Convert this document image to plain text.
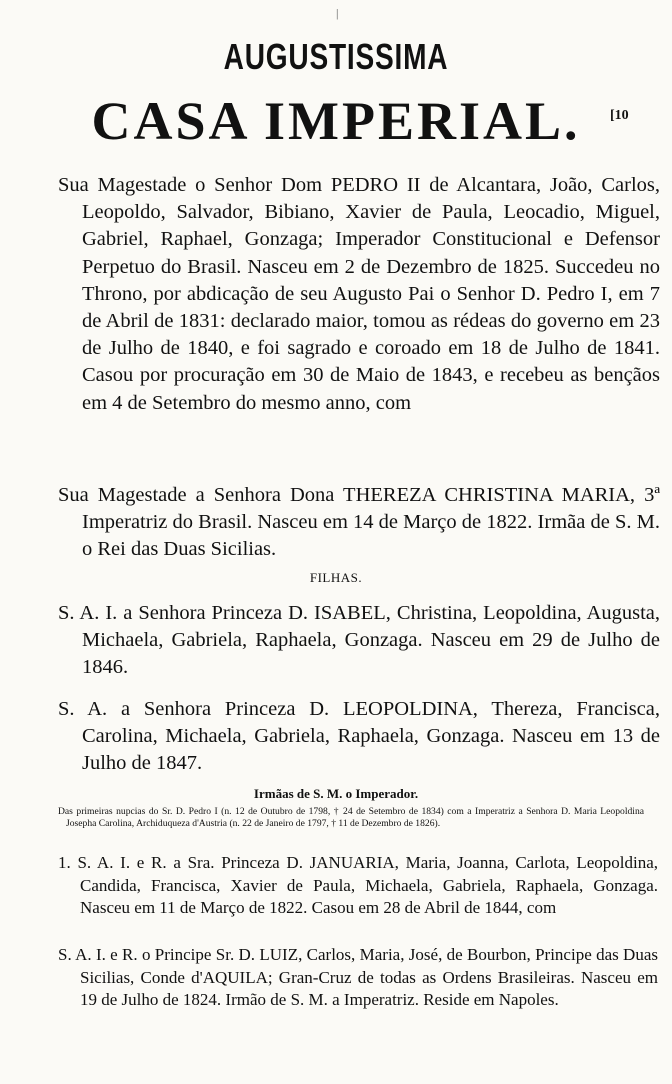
|
AUGUSTISSIMA
CASA IMPERIAL.	[10
Sua Magestade o Senhor Dom PEDRO II de Alcantara, João, Carlos, Leopoldo, Salvador, Bibiano, Xavier de Paula, Leocadio, Miguel, Gabriel, Raphael, Gonzaga; Imperador Constitucional e Defensor Perpetuo do Brasil. Nasceu em 2 de Dezembro de 1825. Succedeu no Throno, por abdicação de seu Augusto Pai o Senhor D. Pedro I, em 7 de Abril de 1831: declarado maior, tomou as rédeas do governo em 23 de Julho de 1840, e foi sagrado e coroado em 18 de Julho de 1841. Casou por procuração em 30 de Maio de 1843, e recebeu as bençãos em 4 de Setembro do mesmo anno, com
Sua Magestade a Senhora Dona THEREZA CHRISTINA MARIA, 3ª Imperatriz do Brasil. Nasceu em 14 de Março de 1822. Irmãa de S. M. o Rei das Duas Sicilias.
FILHAS.
S. A. I. a Senhora Princeza D. ISABEL, Christina, Leopoldina, Augusta, Michaela, Gabriela, Raphaela, Gonzaga. Nasceu em 29 de Julho de 1846.
S. A. a Senhora Princeza D. LEOPOLDINA, Thereza, Francisca, Carolina, Michaela, Gabriela, Raphaela, Gonzaga. Nasceu em 13 de Julho de 1847.
Irmãas de S. M. o Imperador.
Das primeiras nupcias do Sr. D. Pedro I (n. 12 de Outubro de 1798, † 24 de Setembro de 1834) com a Imperatriz a Senhora D. Maria Leopoldina Josepha Carolina, Archiduqueza d'Austria (n. 22 de Janeiro de 1797, † 11 de Dezembro de 1826).
1. S. A. I. e R. a Sra. Princeza D. JANUARIA, Maria, Joanna, Carlota, Leopoldina, Candida, Francisca, Xavier de Paula, Michaela, Gabriela, Raphaela, Gonzaga. Nasceu em 11 de Março de 1822. Casou em 28 de Abril de 1844, com
S. A. I. e R. o Principe Sr. D. LUIZ, Carlos, Maria, José, de Bourbon, Principe das Duas Sicilias, Conde d'AQUILA; Gran-Cruz de todas as Ordens Brasileiras. Nasceu em 19 de Julho de 1824. Irmão de S. M. a Imperatriz. Reside em Napoles.
